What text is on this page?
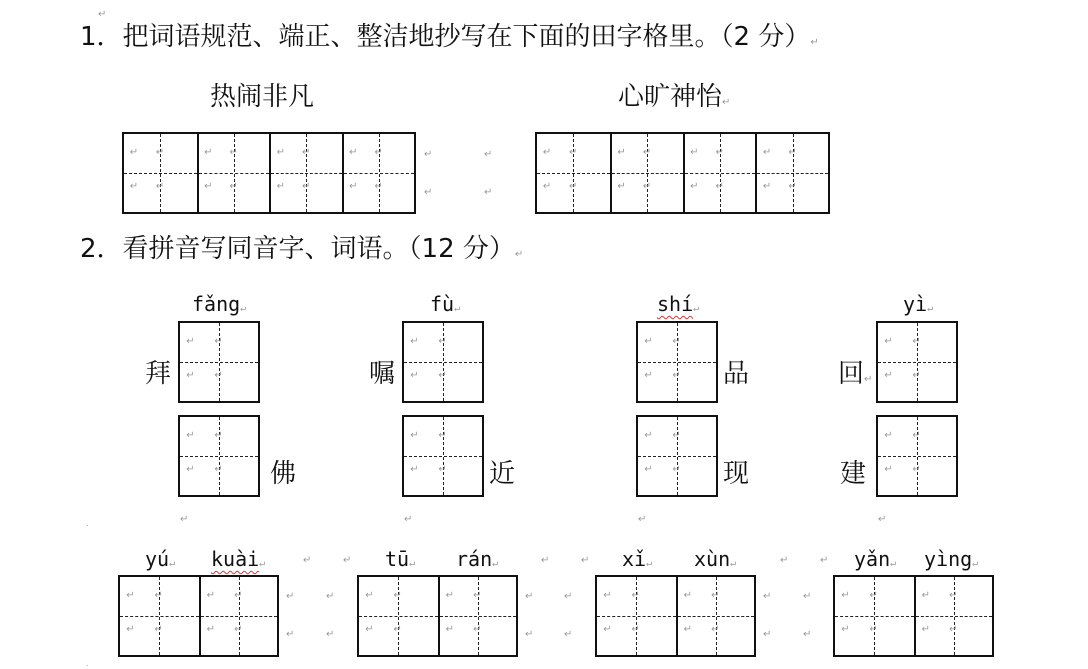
↵
1．把词语规范、端正、整洁地抄写在下面的田字格里。（2 分）↵
热闹非凡	心旷神怡↵
↵ ↵
↵ ↵
↵ ↵
↵ ↵
↵ ↵
↵ ↵
↵ ↵
↵ ↵
↵
↵
↵
↵
↵ ↵
↵ ↵
↵ ↵
↵ ↵
↵ ↵
↵ ↵
↵ ↵
↵ ↵
2．看拼音写同音字、词语。（12 分）↵
fǎng↵
拜
↵ ↵
↵ ↵
↵ ↵
↵ ↵ 佛
fù↵
嘱
↵ ↵
↵ ↵
↵ ↵
↵ ↵ 近
shí↵
↵ ↵
↵ ↵ 品
↵ ↵
↵ ↵ 现
yì↵
回↵
↵ ↵
↵ ↵
建
↵ ↵
↵ ↵
.	↵	↵	↵	↵
yú↵ kuài↵	tū↵ rán↵	xǐ↵ xùn↵	yǎn↵ yìng↵
↵	↵	↵	↵	↵	↵
↵ ↵
↵ ↵
↵ ↵
↵ ↵
↵ ↵
↵ ↵
↵ ↵
↵ ↵
↵ ↵
↵ ↵
↵ ↵
↵ ↵
↵ ↵
↵ ↵
↵ ↵
↵ ↵
↵
↵
↵
↵
↵
↵
↵
↵
↵
↵
↵
↵
.
